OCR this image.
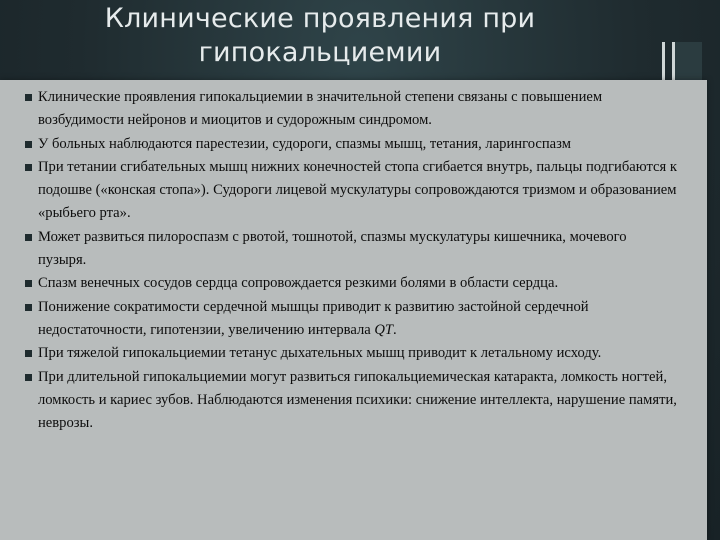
Клинические проявления при
гипокальциемии
Клинические проявления гипокальциемии в значительной степени связаны с повышением возбудимости нейронов и миоцитов и судорожным синдромом.
У больных наблюдаются парестезии, судороги, спазмы мышц, тетания, ларингоспазм
При тетании сгибательных мышц нижних конечностей стопа сгибается внутрь, пальцы подгибаются к подошве («конская стопа»). Судороги лицевой мускулатуры сопровождаются тризмом и образованием «рыбьего рта».
Может развиться пилороспазм с рвотой, тошнотой, спазмы мускулатуры кишечника, мочевого пузыря.
Спазм венечных сосудов сердца сопровождается резкими болями в области сердца.
Понижение сократимости сердечной мышцы приводит к развитию застойной сердечной недостаточности, гипотензии, увеличению интервала QT.
При тяжелой гипокальциемии тетанус дыхательных мышц приводит к летальному исходу.
При длительной гипокальциемии могут развиться гипокальциемическая катаракта, ломкость ногтей, ломкость и кариес зубов. Наблюдаются изменения психики: снижение интеллекта, нарушение памяти, неврозы.
